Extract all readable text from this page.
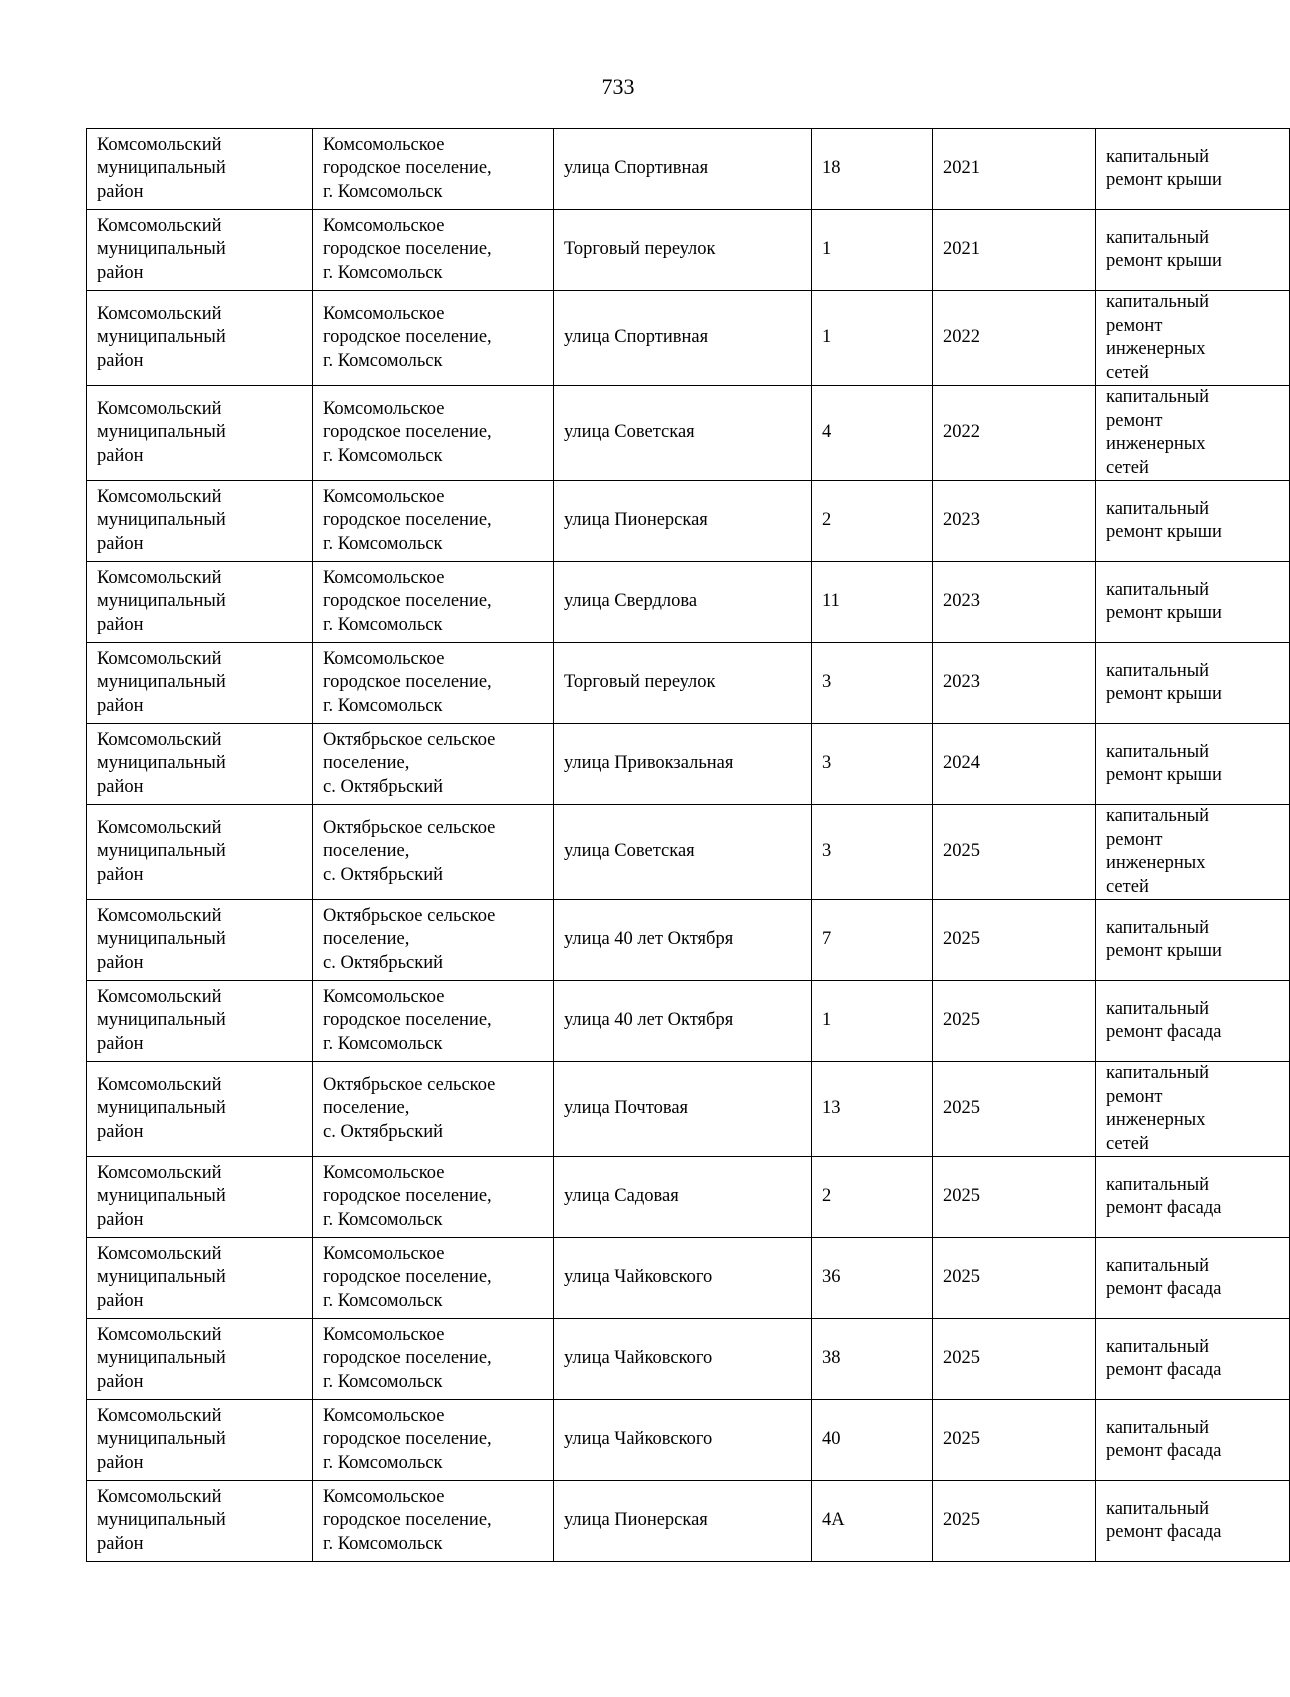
733
Комсомольский
муниципальный
район	Комсомольское
городское поселение,
г. Комсомольск	улица Спортивная	18	2021	капитальный
ремонт крыши
Комсомольский
муниципальный
район	Комсомольское
городское поселение,
г. Комсомольск	Торговый переулок	1	2021	капитальный
ремонт крыши
Комсомольский
муниципальный
район	Комсомольское
городское поселение,
г. Комсомольск	улица Спортивная	1	2022	капитальный
ремонт
инженерных
сетей
Комсомольский
муниципальный
район	Комсомольское
городское поселение,
г. Комсомольск	улица Советская	4	2022	капитальный
ремонт
инженерных
сетей
Комсомольский
муниципальный
район	Комсомольское
городское поселение,
г. Комсомольск	улица Пионерская	2	2023	капитальный
ремонт крыши
Комсомольский
муниципальный
район	Комсомольское
городское поселение,
г. Комсомольск	улица Свердлова	11	2023	капитальный
ремонт крыши
Комсомольский
муниципальный
район	Комсомольское
городское поселение,
г. Комсомольск	Торговый переулок	3	2023	капитальный
ремонт крыши
Комсомольский
муниципальный
район	Октябрьское сельское
поселение,
с. Октябрьский	улица Привокзальная	3	2024	капитальный
ремонт крыши
Комсомольский
муниципальный
район	Октябрьское сельское
поселение,
с. Октябрьский	улица Советская	3	2025	капитальный
ремонт
инженерных
сетей
Комсомольский
муниципальный
район	Октябрьское сельское
поселение,
с. Октябрьский	улица 40 лет Октября	7	2025	капитальный
ремонт крыши
Комсомольский
муниципальный
район	Комсомольское
городское поселение,
г. Комсомольск	улица 40 лет Октября	1	2025	капитальный
ремонт фасада
Комсомольский
муниципальный
район	Октябрьское сельское
поселение,
с. Октябрьский	улица Почтовая	13	2025	капитальный
ремонт
инженерных
сетей
Комсомольский
муниципальный
район	Комсомольское
городское поселение,
г. Комсомольск	улица Садовая	2	2025	капитальный
ремонт фасада
Комсомольский
муниципальный
район	Комсомольское
городское поселение,
г. Комсомольск	улица Чайковского	36	2025	капитальный
ремонт фасада
Комсомольский
муниципальный
район	Комсомольское
городское поселение,
г. Комсомольск	улица Чайковского	38	2025	капитальный
ремонт фасада
Комсомольский
муниципальный
район	Комсомольское
городское поселение,
г. Комсомольск	улица Чайковского	40	2025	капитальный
ремонт фасада
Комсомольский
муниципальный
район	Комсомольское
городское поселение,
г. Комсомольск	улица Пионерская	4А	2025	капитальный
ремонт фасада
